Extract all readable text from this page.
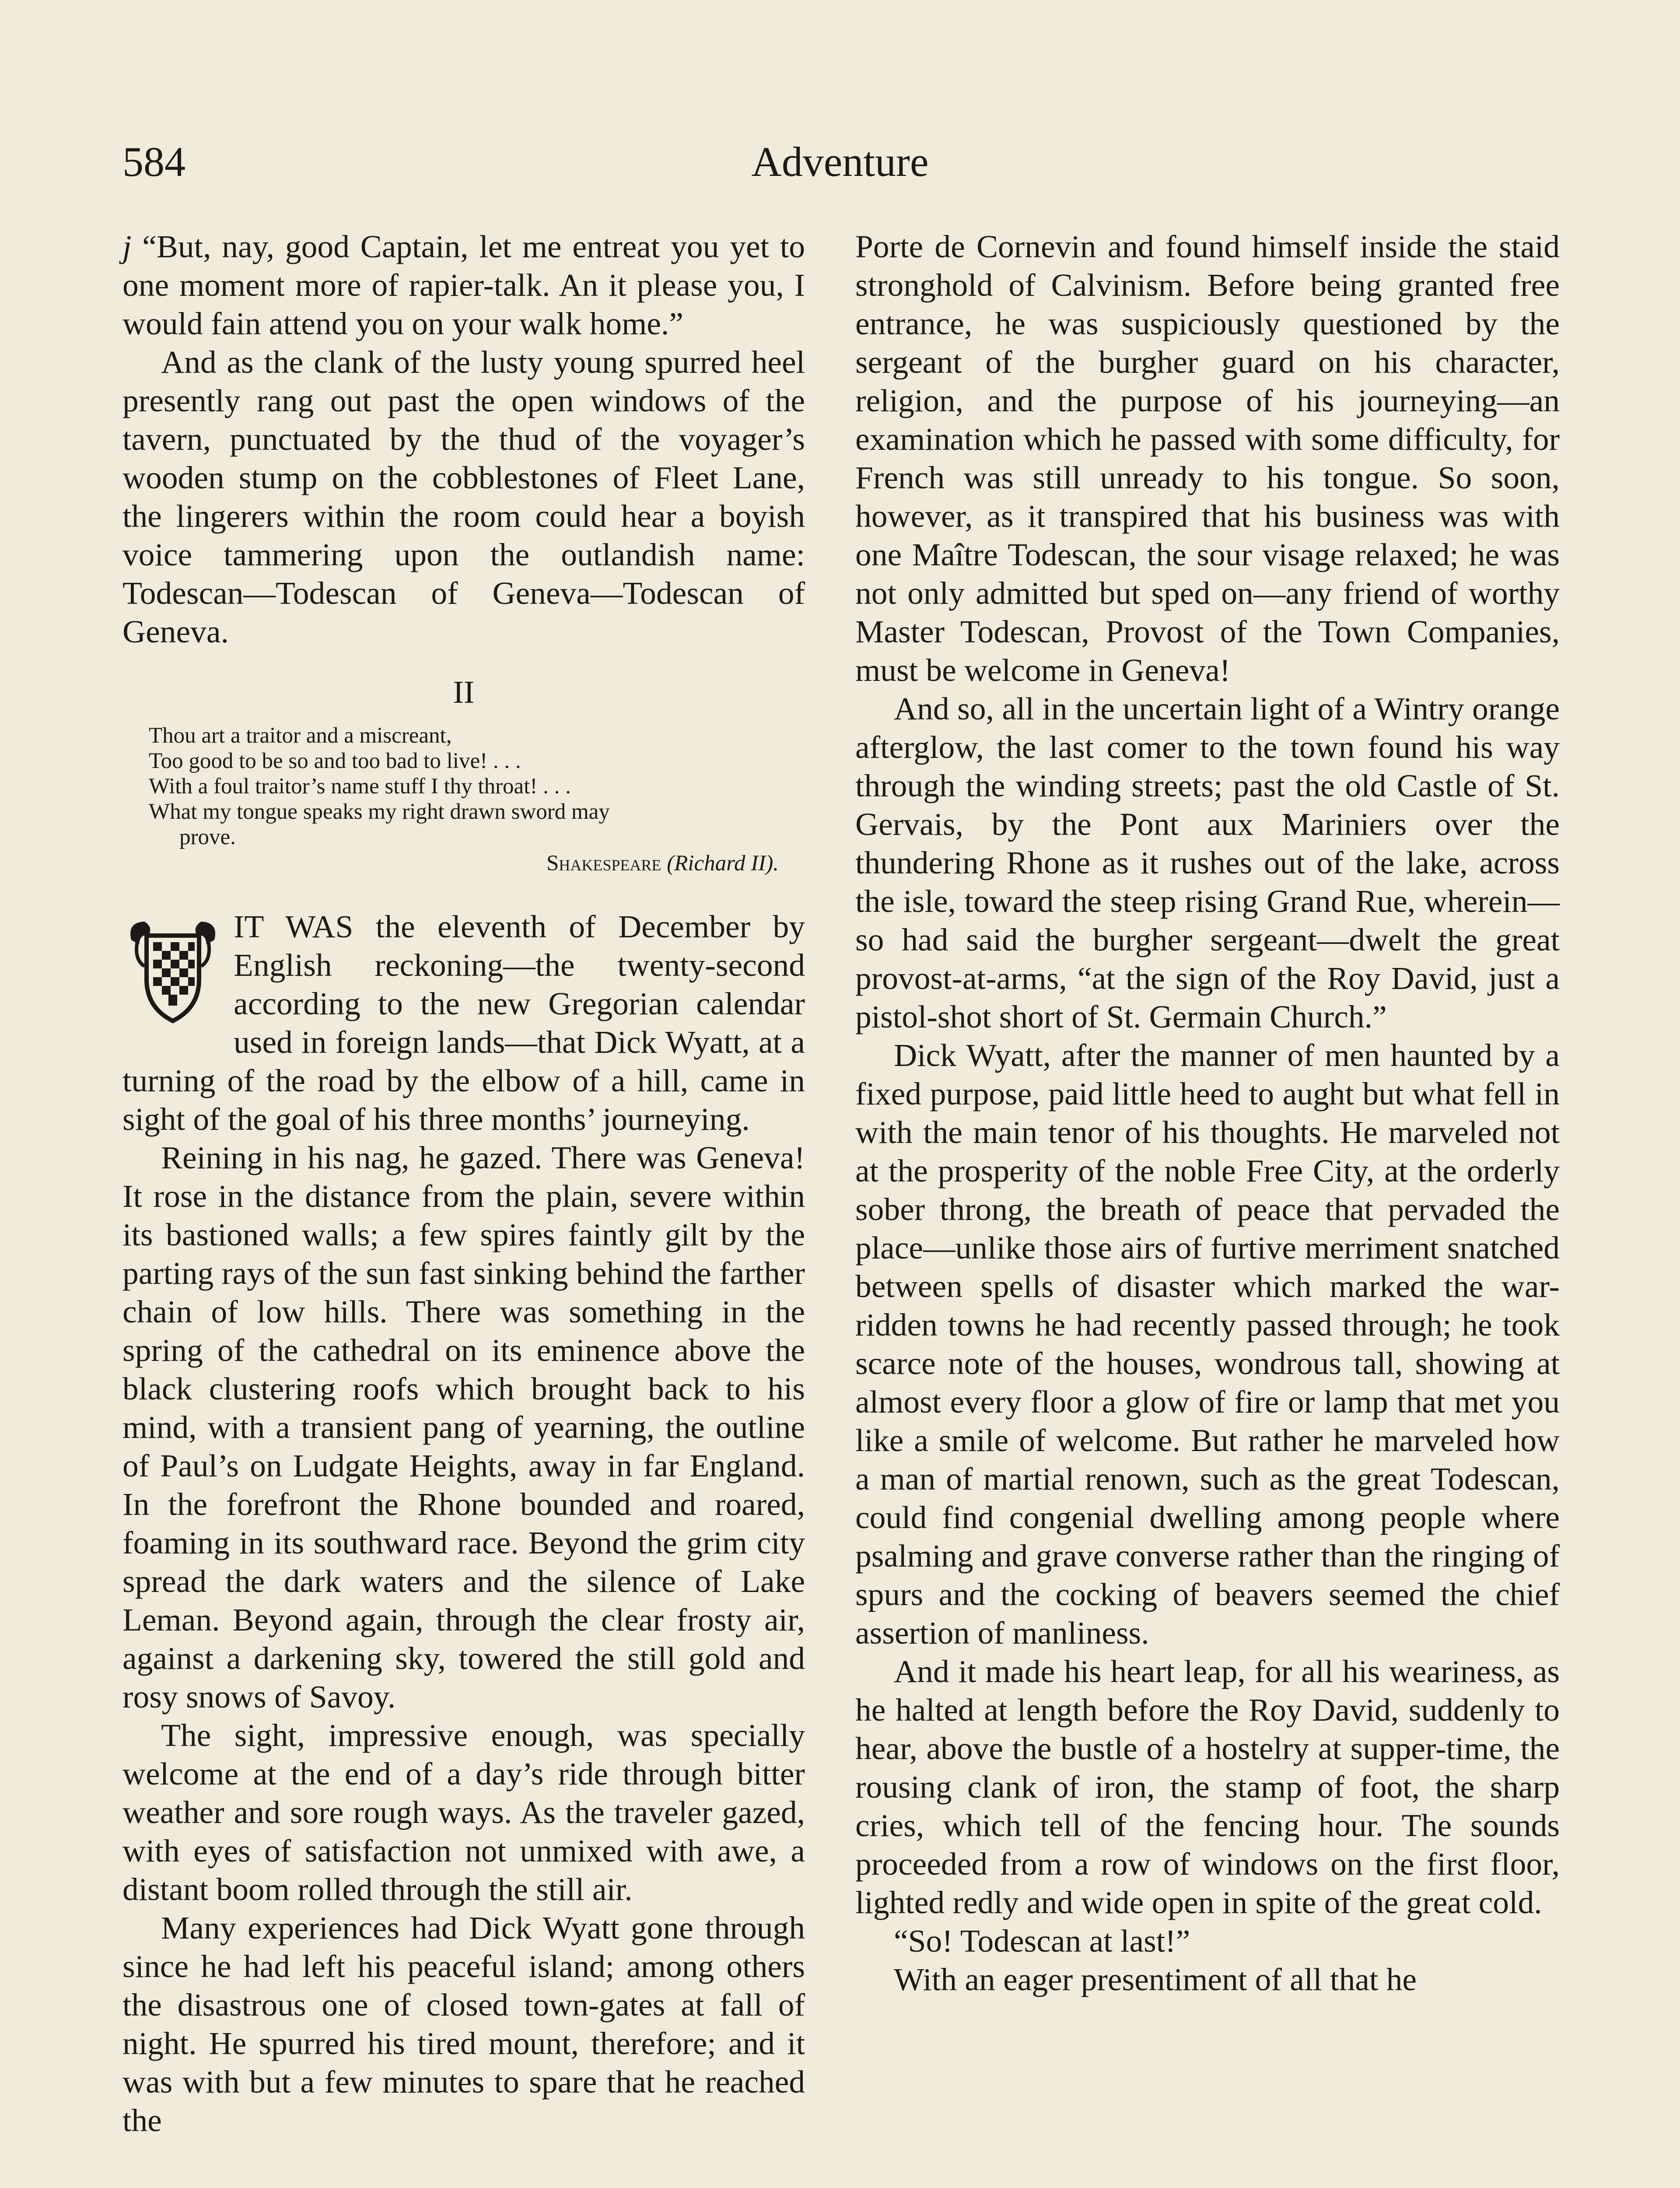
584	Adventure

j “But, nay, good Captain, let me entreat you yet to one moment more of rapier-talk. An it please you, I would fain attend you on your walk home.”

And as the clank of the lusty young spurred heel presently rang out past the open windows of the tavern, punctuated by the thud of the voyager’s wooden stump on the cobblestones of Fleet Lane, the lingerers within the room could hear a boyish voice tammering upon the outlandish name: Todescan—Todescan of Geneva—Todescan of Geneva.

II
Thou art a traitor and a miscreant,
Too good to be so and too bad to live! . . .
With a foul traitor’s name stuff I thy throat! . . .
What my tongue speaks my right drawn sword may
prove.
Shakespeare (Richard II).

IT WAS the eleventh of December by English reckoning—the twenty-second according to the new Gregorian calendar used in foreign lands—that Dick Wyatt, at a turning of the road by the elbow of a hill, came in sight of the goal of his three months’ journeying.

Reining in his nag, he gazed. There was Geneva! It rose in the distance from the plain, severe within its bastioned walls; a few spires faintly gilt by the parting rays of the sun fast sinking behind the farther chain of low hills. There was something in the spring of the cathedral on its eminence above the black clustering roofs which brought back to his mind, with a transient pang of yearning, the outline of Paul’s on Ludgate Heights, away in far England. In the forefront the Rhone bounded and roared, foaming in its southward race. Beyond the grim city spread the dark waters and the silence of Lake Leman. Beyond again, through the clear frosty air, against a darkening sky, towered the still gold and rosy snows of Savoy.

The sight, impressive enough, was specially welcome at the end of a day’s ride through bitter weather and sore rough ways. As the traveler gazed, with eyes of satisfaction not unmixed with awe, a distant boom rolled through the still air.

Many experiences had Dick Wyatt gone through since he had left his peaceful island; among others the disastrous one of closed town-gates at fall of night. He spurred his tired mount, therefore; and it was with but a few minutes to spare that he reached the

Porte de Cornevin and found himself inside the staid stronghold of Calvinism. Before being granted free entrance, he was suspiciously questioned by the sergeant of the burgher guard on his character, religion, and the purpose of his journeying—an examination which he passed with some difficulty, for French was still unready to his tongue. So soon, however, as it transpired that his business was with one Maître Todescan, the sour visage relaxed; he was not only admitted but sped on—any friend of worthy Master Todescan, Provost of the Town Companies, must be welcome in Geneva!

And so, all in the uncertain light of a Wintry orange afterglow, the last comer to the town found his way through the winding streets; past the old Castle of St. Gervais, by the Pont aux Mariniers over the thundering Rhone as it rushes out of the lake, across the isle, toward the steep rising Grand Rue, wherein—so had said the burgher sergeant—dwelt the great provost-at-arms, “at the sign of the Roy David, just a pistol-shot short of St. Germain Church.”

Dick Wyatt, after the manner of men haunted by a fixed purpose, paid little heed to aught but what fell in with the main tenor of his thoughts. He marveled not at the prosperity of the noble Free City, at the orderly sober throng, the breath of peace that pervaded the place—unlike those airs of furtive merriment snatched between spells of disaster which marked the war-ridden towns he had recently passed through; he took scarce note of the houses, wondrous tall, showing at almost every floor a glow of fire or lamp that met you like a smile of welcome. But rather he marveled how a man of martial renown, such as the great Todescan, could find congenial dwelling among people where psalming and grave converse rather than the ringing of spurs and the cocking of beavers seemed the chief assertion of manliness.

And it made his heart leap, for all his weariness, as he halted at length before the Roy David, suddenly to hear, above the bustle of a hostelry at supper-time, the rousing clank of iron, the stamp of foot, the sharp cries, which tell of the fencing hour. The sounds proceeded from a row of windows on the first floor, lighted redly and wide open in spite of the great cold.

“So! Todescan at last!”

With an eager presentiment of all that he
